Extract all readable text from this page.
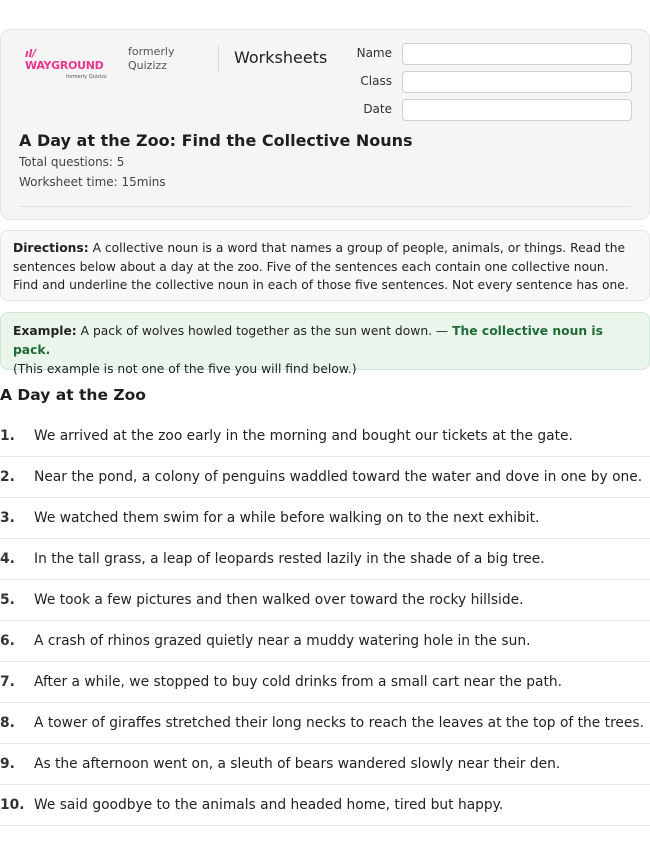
ıl/WAYGROUND
formerly Quizizz
formerly
Quizizz	Worksheets	Name
Class
Date
A Day at the Zoo: Find the Collective Nouns
Total questions: 5
Worksheet time: 15mins
Directions: A collective noun is a word that names a group of people, animals, or things. Read the sentences below about a day at the zoo. Five of the sentences each contain one collective noun. Find and underline the collective noun in each of those five sentences. Not every sentence has one.
Example: A pack of wolves howled together as the sun went down. — The collective noun is pack.
(This example is not one of the five you will find below.)
A Day at the Zoo
1. We arrived at the zoo early in the morning and bought our tickets at the gate.
2. Near the pond, a colony of penguins waddled toward the water and dove in one by one.
3. We watched them swim for a while before walking on to the next exhibit.
4. In the tall grass, a leap of leopards rested lazily in the shade of a big tree.
5. We took a few pictures and then walked over toward the rocky hillside.
6. A crash of rhinos grazed quietly near a muddy watering hole in the sun.
7. After a while, we stopped to buy cold drinks from a small cart near the path.
8. A tower of giraffes stretched their long necks to reach the leaves at the top of the trees.
9. As the afternoon went on, a sleuth of bears wandered slowly near their den.
10. We said goodbye to the animals and headed home, tired but happy.
